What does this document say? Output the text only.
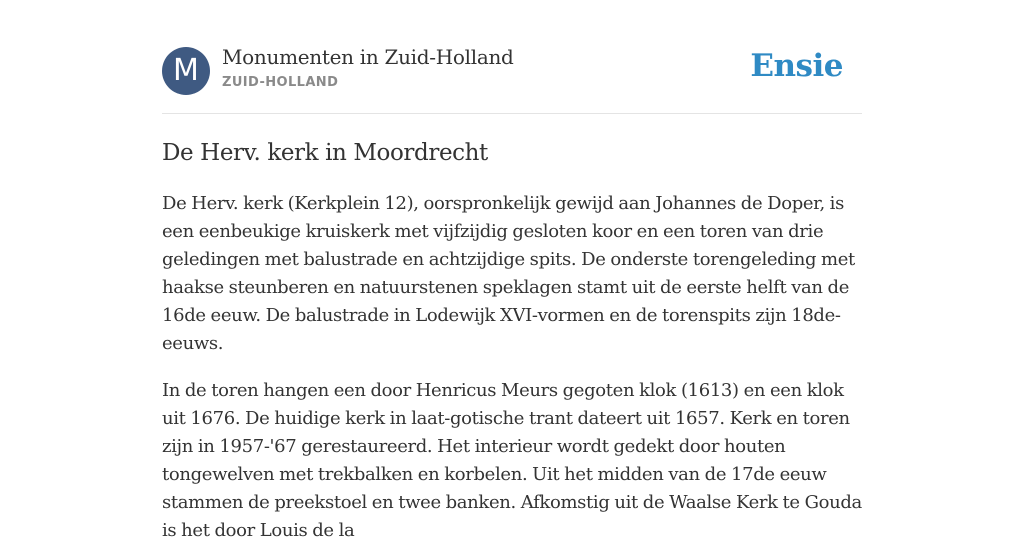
M	Monumenten in Zuid-Holland
ZUID-HOLLAND	Ensie
De Herv. kerk in Moordrecht

De Herv. kerk (Kerkplein 12), oorspronkelijk gewijd aan Johannes de Doper, is een eenbeukige kruiskerk met vijfzijdig gesloten koor en een toren van drie geledingen met balustrade en achtzijdige spits. De onderste torengeleding met haakse steunberen en natuurstenen speklagen stamt uit de eerste helft van de 16de eeuw. De balustrade in Lodewijk XVI-vormen en de torenspits zijn 18de-eeuws.

In de toren hangen een door Henricus Meurs gegoten klok (1613) en een klok uit 1676. De huidige kerk in laat-gotische trant dateert uit 1657. Kerk en toren zijn in 1957-'67 gerestaureerd. Het interieur wordt gedekt door houten tongewelven met trekbalken en korbelen. Uit het midden van de 17de eeuw stammen de preekstoel en twee banken. Afkomstig uit de Waalse Kerk te Gouda is het door Louis de la
